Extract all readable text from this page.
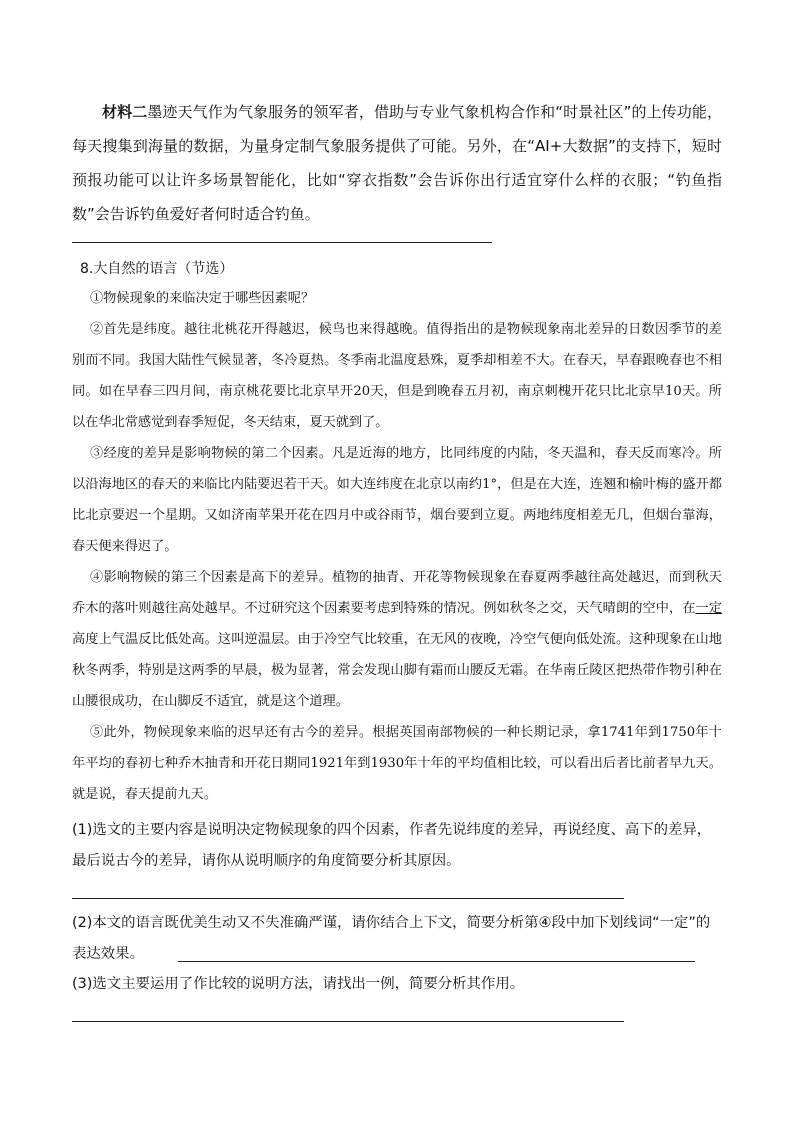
材料二墨迹天气作为气象服务的领军者，借助与专业气象机构合作和“时景社区”的上传功能，每天搜集到海量的数据，为量身定制气象服务提供了可能。另外，在“AI+大数据”的支持下，短时预报功能可以让许多场景智能化，比如“穿衣指数”会告诉你出行适宜穿什么样的衣服；“钓鱼指数”会告诉钓鱼爱好者何时适合钓鱼。

8.大自然的语言（节选）

①物候现象的来临决定于哪些因素呢？

②首先是纬度。越往北桃花开得越迟，候鸟也来得越晚。值得指出的是物候现象南北差异的日数因季节的差别而不同。我国大陆性气候显著，冬冷夏热。冬季南北温度悬殊，夏季却相差不大。在春天，早春跟晚春也不相同。如在早春三四月间，南京桃花要比北京早开20天，但是到晚春五月初，南京刺槐开花只比北京早10天。所以在华北常感觉到春季短促，冬天结束，夏天就到了。

③经度的差异是影响物候的第二个因素。凡是近海的地方，比同纬度的内陆，冬天温和，春天反而寒冷。所以沿海地区的春天的来临比内陆要迟若干天。如大连纬度在北京以南约1°，但是在大连，连翘和榆叶梅的盛开都比北京要迟一个星期。又如济南苹果开花在四月中或谷雨节，烟台要到立夏。两地纬度相差无几，但烟台靠海，春天便来得迟了。

④影响物候的第三个因素是高下的差异。植物的抽青、开花等物候现象在春夏两季越往高处越迟，而到秋天乔木的落叶则越往高处越早。不过研究这个因素要考虑到特殊的情况。例如秋冬之交，天气晴朗的空中，在一定高度上气温反比低处高。这叫逆温层。由于冷空气比较重，在无风的夜晚，冷空气便向低处流。这种现象在山地秋冬两季，特别是这两季的早晨，极为显著，常会发现山脚有霜而山腰反无霜。在华南丘陵区把热带作物引种在山腰很成功，在山脚反不适宜，就是这个道理。

⑤此外，物候现象来临的迟早还有古今的差异。根据英国南部物候的一种长期记录，拿1741年到1750年十年平均的春初七种乔木抽青和开花日期同1921年到1930年十年的平均值相比较，可以看出后者比前者早九天。就是说，春天提前九天。

(1)选文的主要内容是说明决定物候现象的四个因素，作者先说纬度的差异，再说经度、高下的差异，最后说古今的差异，请你从说明顺序的角度简要分析其原因。

(2)本文的语言既优美生动又不失准确严谨，请你结合上下文，简要分析第④段中加下划线词“一定”的表达效果。

(3)选文主要运用了作比较的说明方法，请找出一例，简要分析其作用。
